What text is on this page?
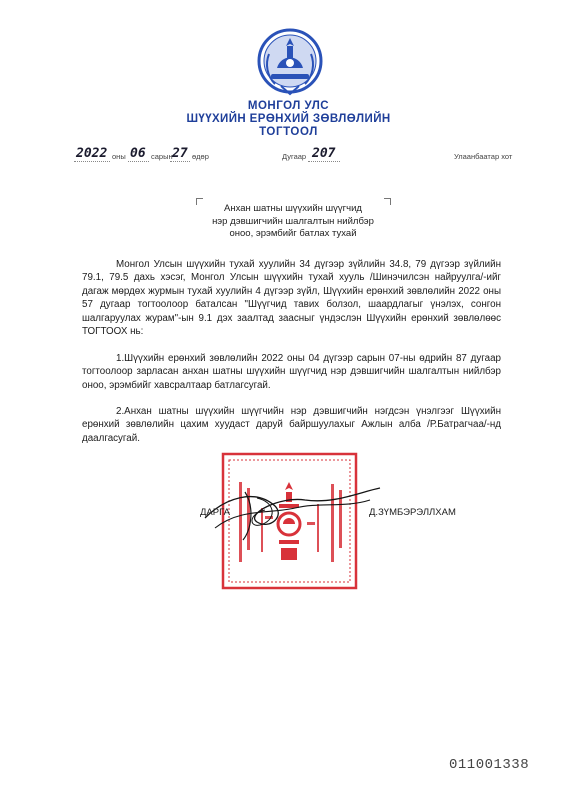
МОНГОЛ УЛС
ШҮҮХИЙН ЕРӨНХИЙ ЗӨВЛӨЛИЙН
ТОГТООЛ
2022 оны 06 сарын 27 өдөр	Дугаар 207	Улаанбаатар хот
Анхан шатны шүүхийн шүүгчид
нэр дэвшигчийн шалгалтын нийлбэр
оноо, эрэмбийг батлах тухай
Монгол Улсын шүүхийн тухай хуулийн 34 дүгээр зүйлийн 34.8, 79 дүгээр зүйлийн 79.1, 79.5 дахь хэсэг, Монгол Улсын шүүхийн тухай хууль /Шинэчилсэн найруулга/-ийг дагаж мөрдөх журмын тухай хуулийн 4 дүгээр зүйл, Шүүхийн ерөнхий зөвлөлийн 2022 оны 57 дугаар тогтоолоор баталсан "Шүүгчид тавих болзол, шаардлагыг үнэлэх, сонгон шалгаруулах журам"-ын 9.1 дэх заалтад заасныг үндэслэн Шүүхийн ерөнхий зөвлөлөөс ТОГТООХ нь:
1.Шүүхийн ерөнхий зөвлөлийн 2022 оны 04 дүгээр сарын 07-ны өдрийн 87 дугаар тогтоолоор зарласан анхан шатны шүүхийн шүүгчид нэр дэвшигчийн шалгалтын нийлбэр оноо, эрэмбийг хавсралтаар батлагсугай.
2.Анхан шатны шүүхийн шүүгчийн нэр дэвшигчийн нэгдсэн үнэлгээг Шүүхийн ерөнхий зөвлөлийн цахим хуудаст даруй байршуулахыг Ажлын алба /Р.Батрагчаа/-нд даалгасугай.
ДАРГА	Д.ЗҮМБЭРЭЛЛХАМ
011001338
